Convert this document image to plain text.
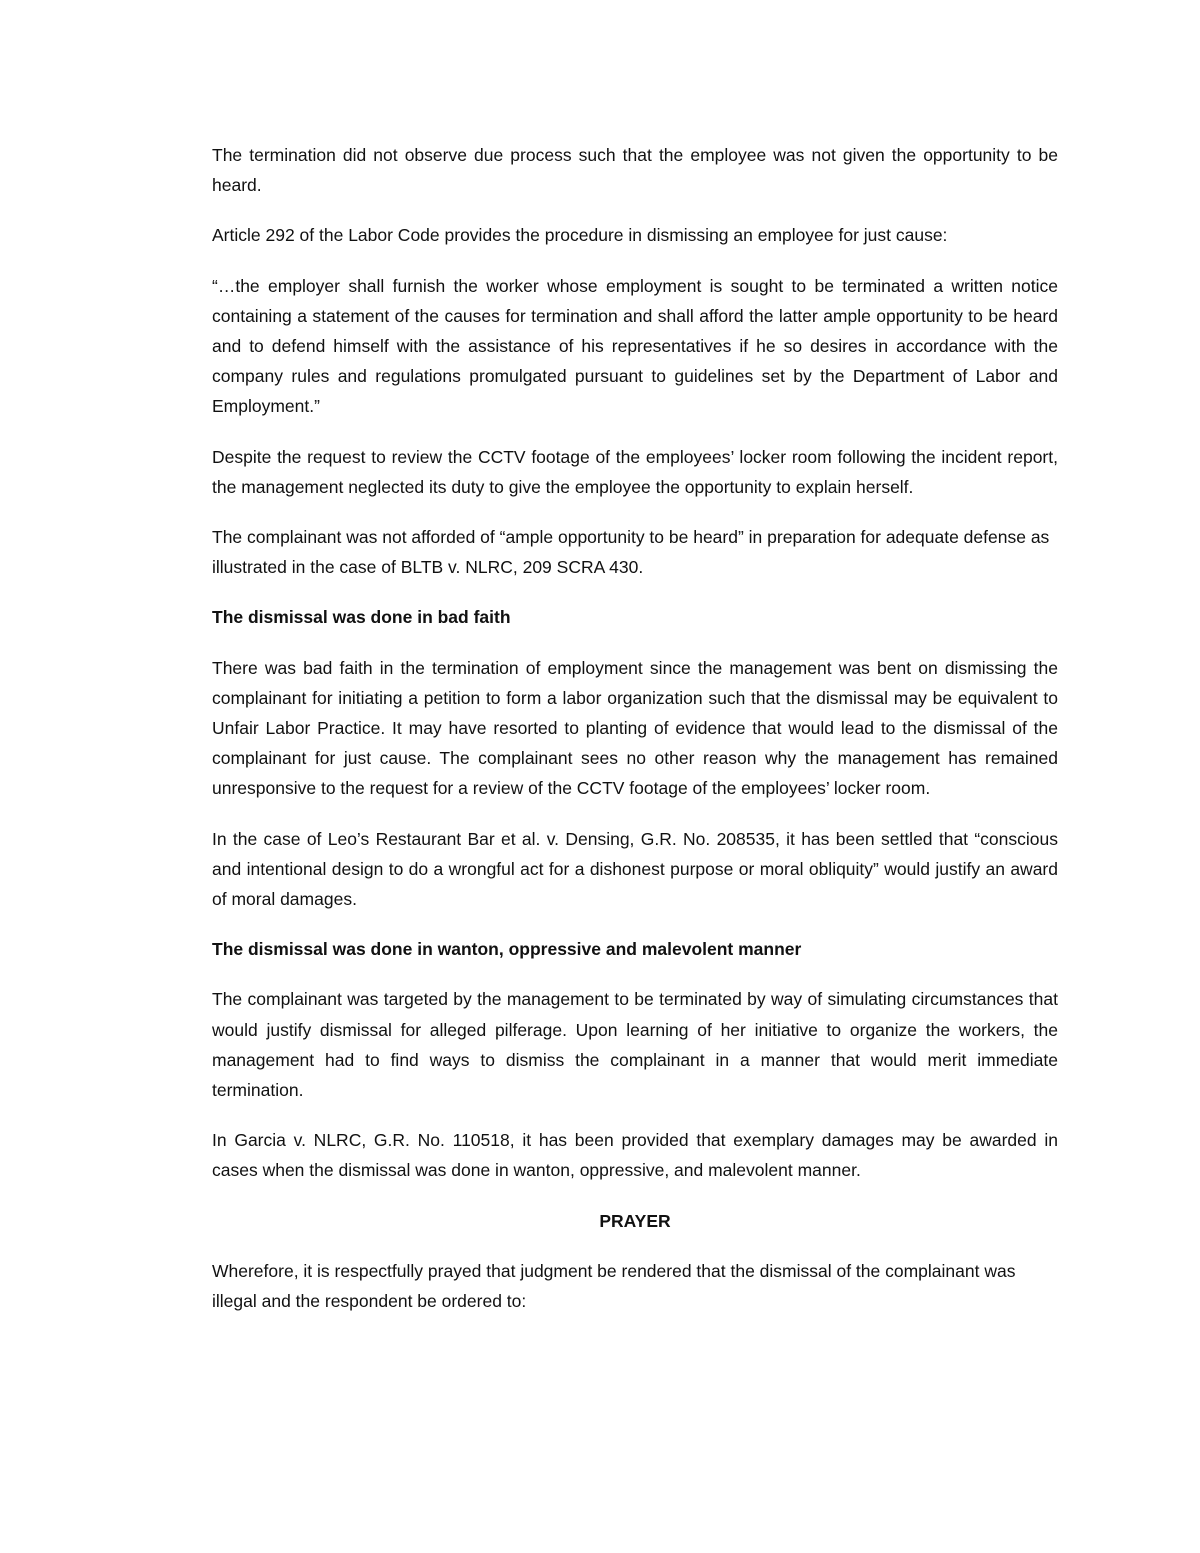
The termination did not observe due process such that the employee was not given the opportunity to be heard.

Article 292 of the Labor Code provides the procedure in dismissing an employee for just cause:

“…the employer shall furnish the worker whose employment is sought to be terminated a written notice containing a statement of the causes for termination and shall afford the latter ample opportunity to be heard and to defend himself with the assistance of his representatives if he so desires in accordance with the company rules and regulations promulgated pursuant to guidelines set by the Department of Labor and Employment.”

Despite the request to review the CCTV footage of the employees’ locker room following the incident report, the management neglected its duty to give the employee the opportunity to explain herself.

The complainant was not afforded of “ample opportunity to be heard” in preparation for adequate defense as illustrated in the case of BLTB v. NLRC, 209 SCRA 430.

The dismissal was done in bad faith

There was bad faith in the termination of employment since the management was bent on dismissing the complainant for initiating a petition to form a labor organization such that the dismissal may be equivalent to Unfair Labor Practice. It may have resorted to planting of evidence that would lead to the dismissal of the complainant for just cause. The complainant sees no other reason why the management has remained unresponsive to the request for a review of the CCTV footage of the employees’ locker room.

In the case of Leo’s Restaurant Bar et al. v. Densing, G.R. No. 208535, it has been settled that “conscious and intentional design to do a wrongful act for a dishonest purpose or moral obliquity” would justify an award of moral damages.

The dismissal was done in wanton, oppressive and malevolent manner

The complainant was targeted by the management to be terminated by way of simulating circumstances that would justify dismissal for alleged pilferage. Upon learning of her initiative to organize the workers, the management had to find ways to dismiss the complainant in a manner that would merit immediate termination.

In Garcia v. NLRC, G.R. No. 110518, it has been provided that exemplary damages may be awarded in cases when the dismissal was done in wanton, oppressive, and malevolent manner.

PRAYER

Wherefore, it is respectfully prayed that judgment be rendered that the dismissal of the complainant was illegal and the respondent be ordered to:
